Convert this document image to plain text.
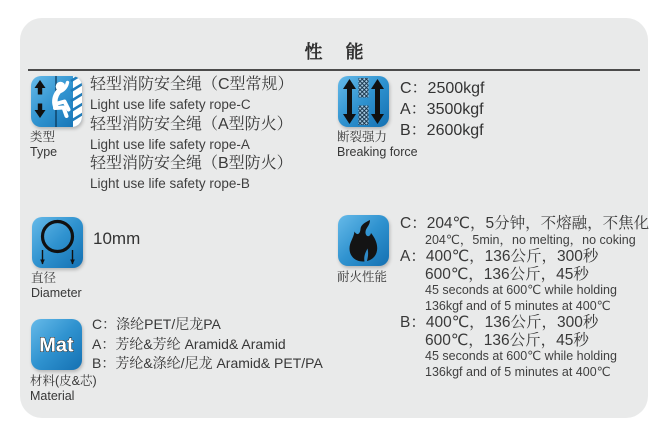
性 能
类型
Type
轻型消防安全绳（C型常规）
Light use life safety rope-C
轻型消防安全绳（A型防火）
Light use life safety rope-A
轻型消防安全绳（B型防火）
Light use life safety rope-B
断裂强力
Breaking force
C：2500kgf
A：3500kgf
B：2600kgf
直径
Diameter
10mm
耐火性能
C：204℃，5分钟，不熔融，不焦化
204℃，5min，no melting，no coking
A：400℃，136公斤，300秒
600℃，136公斤，45秒
45 seconds at 600℃ while holding
136kgf and of 5 minutes at 400℃
B：400℃，136公斤，300秒
600℃，136公斤，45秒
45 seconds at 600℃ while holding
136kgf and of 5 minutes at 400℃
Mat
材料(皮&芯)
Material
C：涤纶PET/尼龙PA
A：芳纶&芳纶 Aramid& Aramid
B：芳纶&涤纶/尼龙 Aramid& PET/PA
